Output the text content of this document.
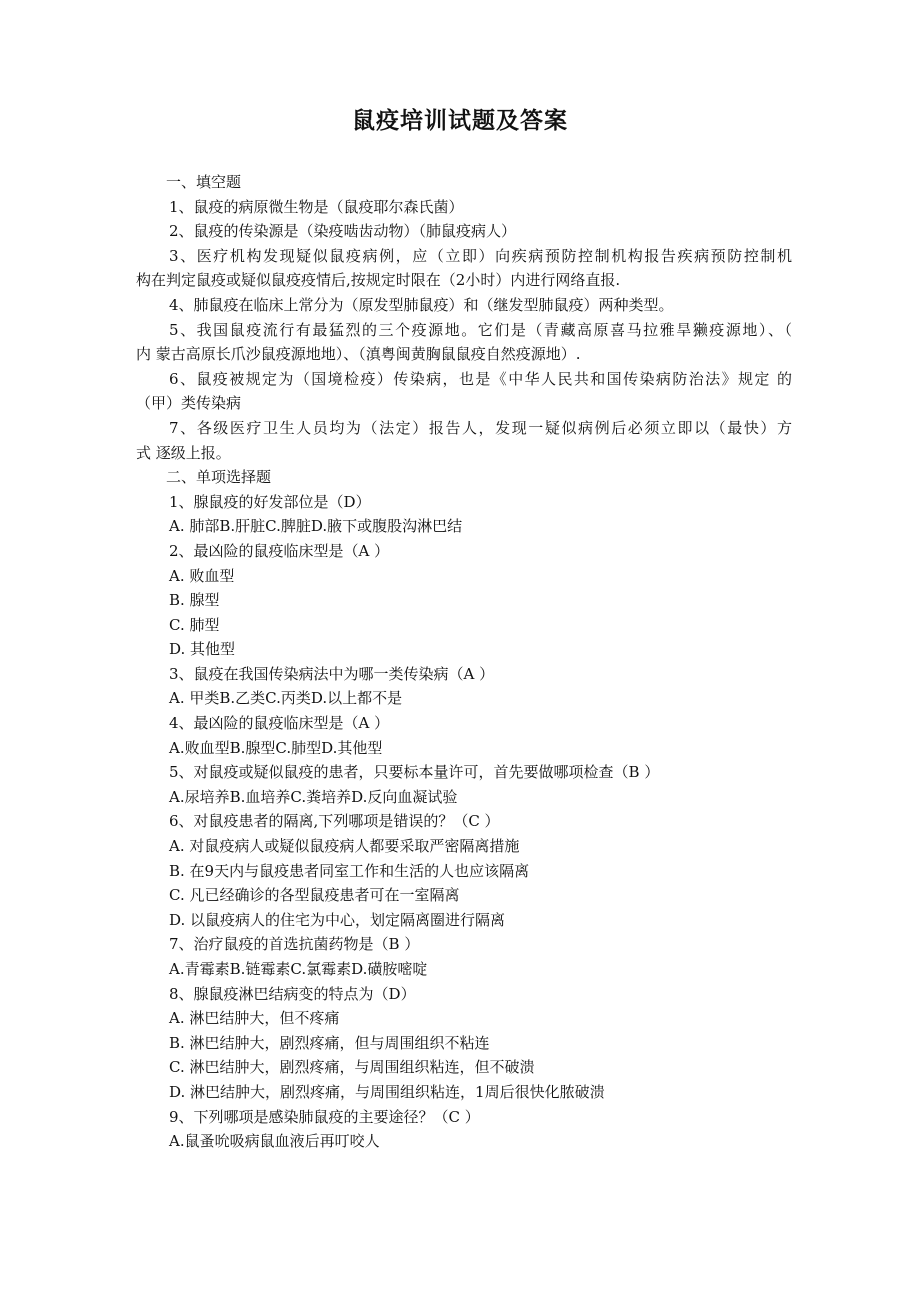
鼠疫培训试题及答案
一、填空题
1、鼠疫的病原微生物是（鼠疫耶尔森氏菌）
2、鼠疫的传染源是（染疫啮齿动物）（肺鼠疫病人）
3、医疗机构发现疑似鼠疫病例，应（立即）向疾病预防控制机构报告疾病预防控制机
构在判定鼠疫或疑似鼠疫疫情后,按规定时限在（2小时）内进行网络直报.
4、肺鼠疫在临床上常分为（原发型肺鼠疫）和（继发型肺鼠疫）两种类型。
5、我国鼠疫流行有最猛烈的三个疫源地。它们是（青藏高原喜马拉雅旱獭疫源地）、（
内 蒙古高原长爪沙鼠疫源地地）、（滇粤闽黄胸鼠鼠疫自然疫源地）.
6、鼠疫被规定为（国境检疫）传染病，也是《中华人民共和国传染病防治法》规定 的
（甲）类传染病
7、各级医疗卫生人员均为（法定）报告人，发现一疑似病例后必须立即以（最快）方
式 逐级上报。
二、单项选择题
1、腺鼠疫的好发部位是（D）
A. 肺部B.肝脏C.脾脏D.腋下或腹股沟淋巴结
2、最凶险的鼠疫临床型是（A ）
A. 败血型
B. 腺型
C. 肺型
D. 其他型
3、鼠疫在我国传染病法中为哪一类传染病（A ）
A. 甲类B.乙类C.丙类D.以上都不是
4、最凶险的鼠疫临床型是（A ）
A.败血型B.腺型C.肺型D.其他型
5、对鼠疫或疑似鼠疫的患者，只要标本量许可，首先要做哪项检查（B ）
A.尿培养B.血培养C.粪培养D.反向血凝试验
6、对鼠疫患者的隔离,下列哪项是错误的？（C ）
A. 对鼠疫病人或疑似鼠疫病人都要采取严密隔离措施
B. 在9天内与鼠疫患者同室工作和生活的人也应该隔离
C. 凡已经确诊的各型鼠疫患者可在一室隔离
D. 以鼠疫病人的住宅为中心，划定隔离圈进行隔离
7、治疗鼠疫的首选抗菌药物是（B ）
A.青霉素B.链霉素C.氯霉素D.磺胺嘧啶
8、腺鼠疫淋巴结病变的特点为（D）
A. 淋巴结肿大，但不疼痛
B. 淋巴结肿大，剧烈疼痛，但与周围组织不粘连
C. 淋巴结肿大，剧烈疼痛，与周围组织粘连，但不破溃
D. 淋巴结肿大，剧烈疼痛，与周围组织粘连，1周后很快化脓破溃
9、下列哪项是感染肺鼠疫的主要途径？（C ）
A.鼠蚤吮吸病鼠血液后再叮咬人
